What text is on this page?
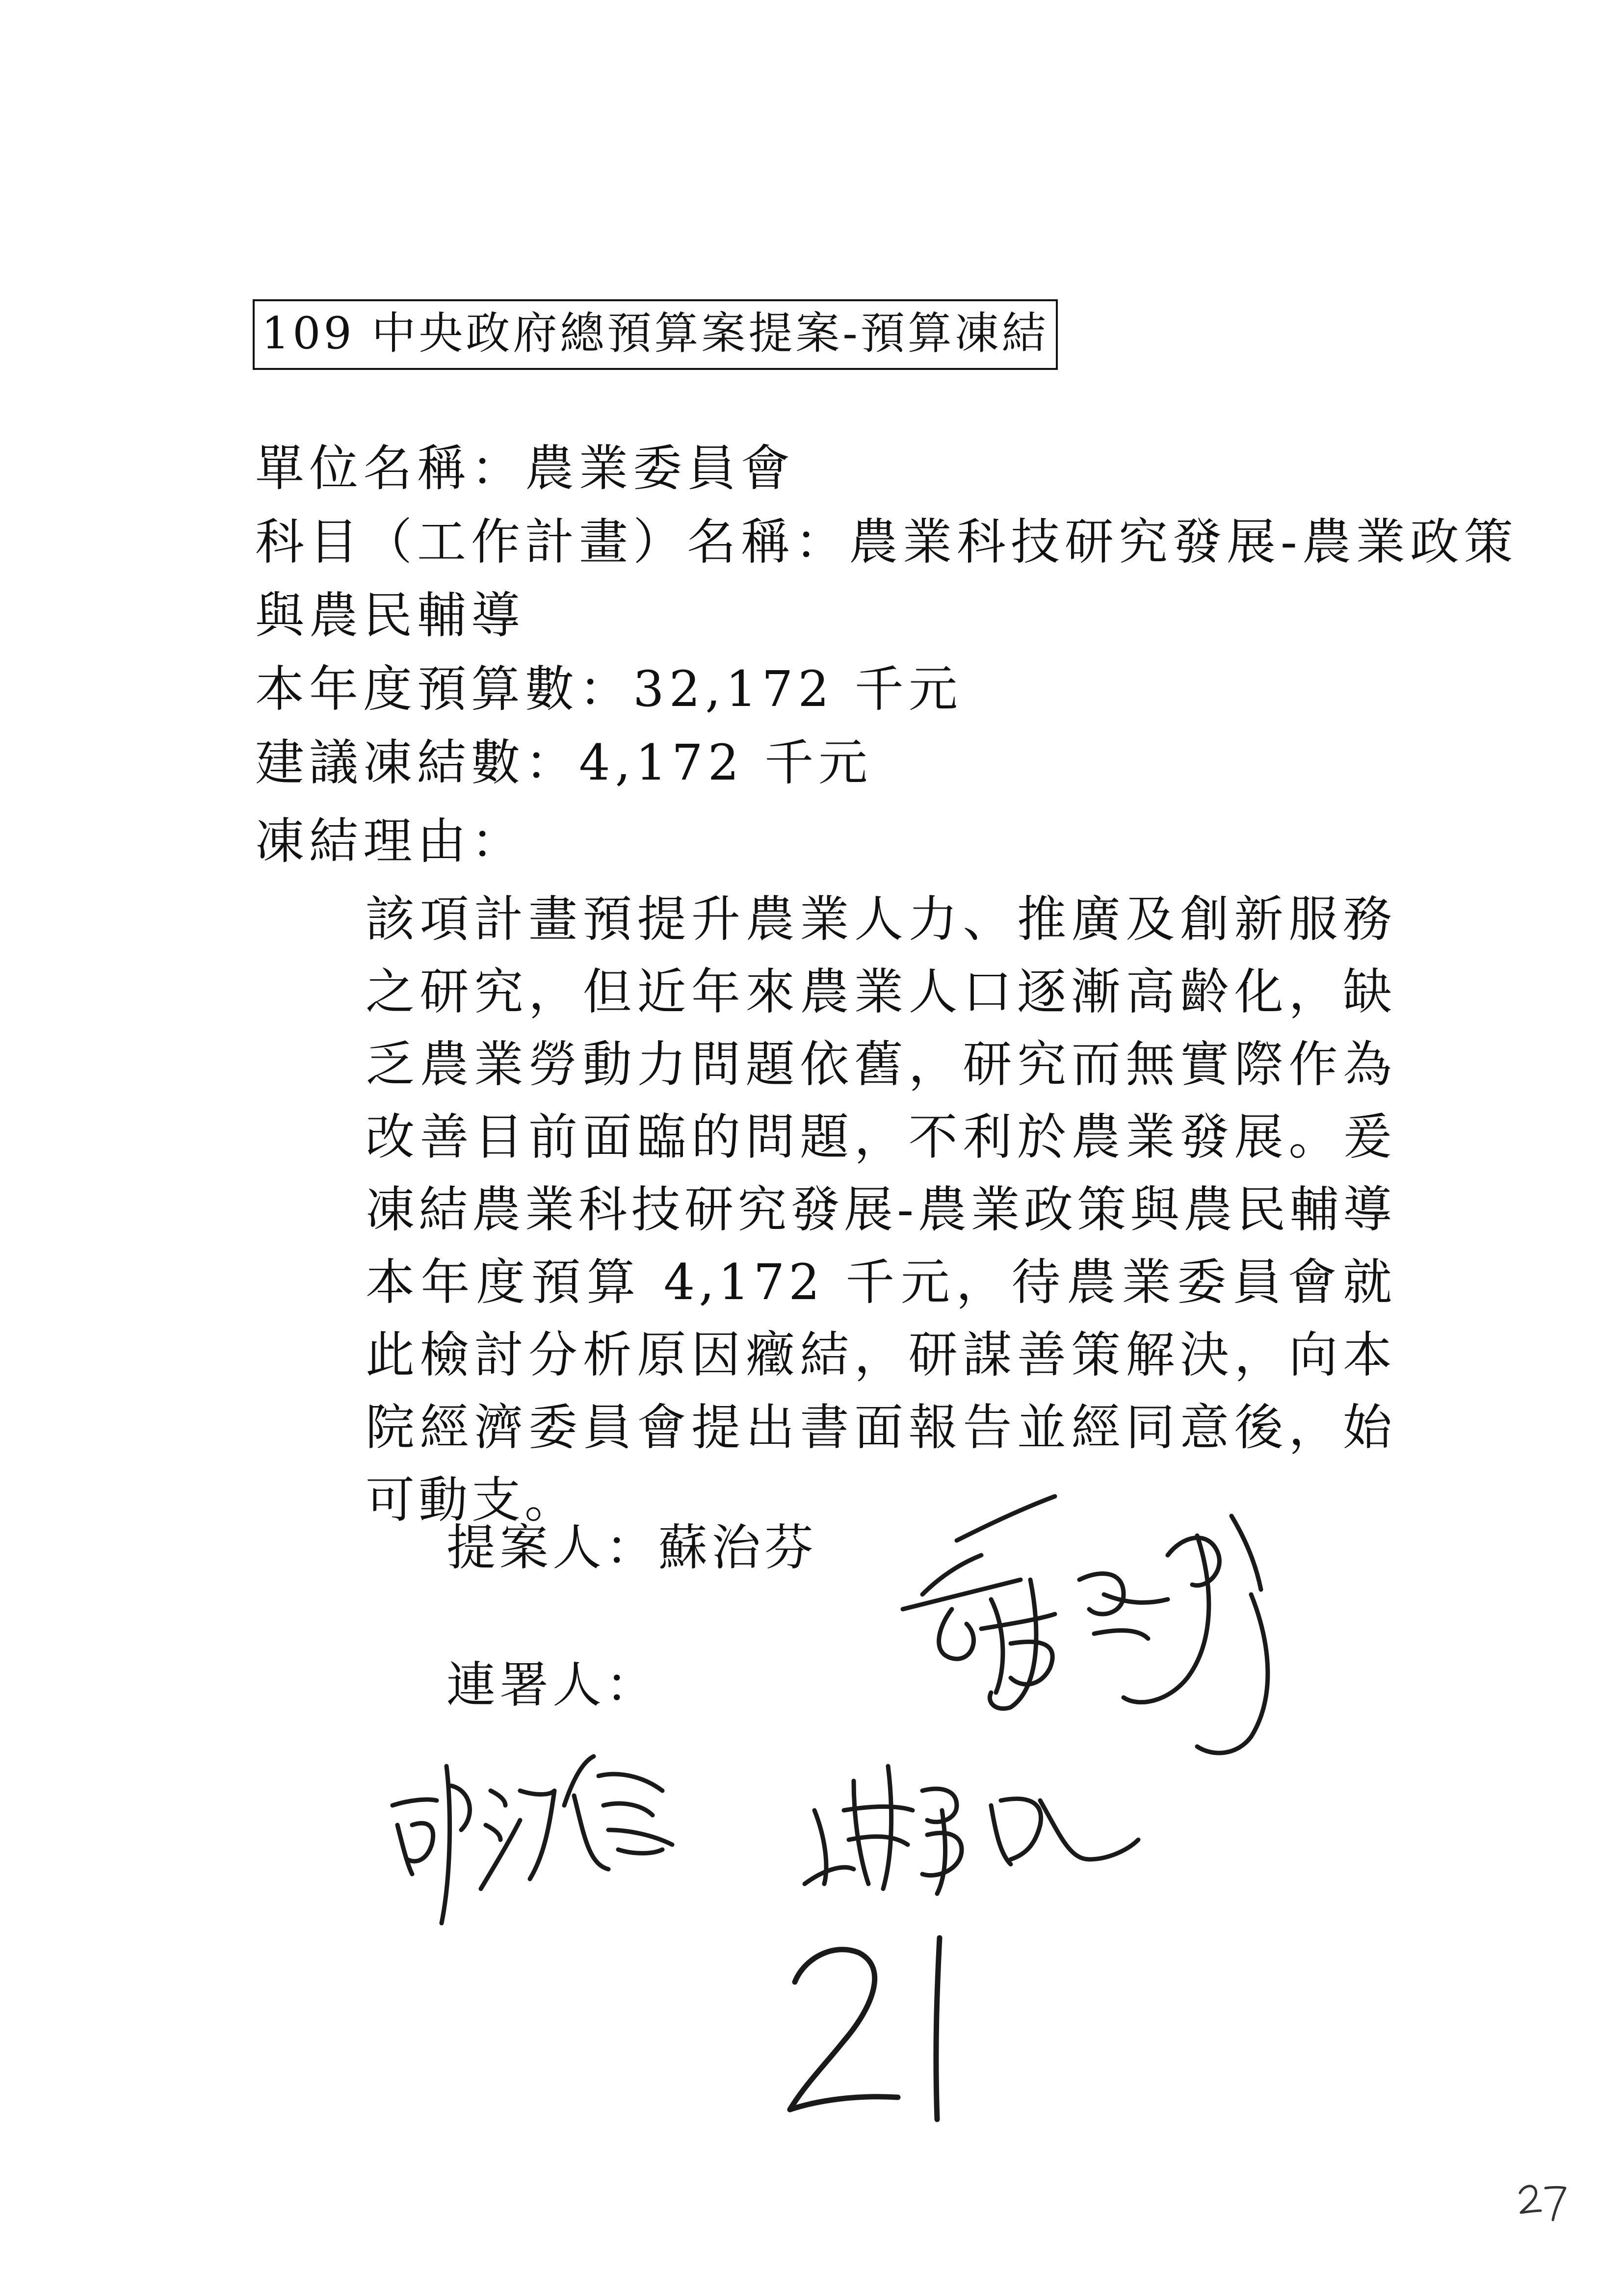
109 中央政府總預算案提案-預算凍結
單位名稱：農業委員會
科目（工作計畫）名稱：農業科技研究發展-農業政策
與農民輔導
本年度預算數：32,172 千元
建議凍結數：4,172 千元
凍結理由：
該項計畫預提升農業人力、推廣及創新服務之研究，但近年來農業人口逐漸高齡化，缺乏農業勞動力問題依舊，研究而無實際作為改善目前面臨的問題，不利於農業發展。爰凍結農業科技研究發展-農業政策與農民輔導本年度預算 4,172 千元，待農業委員會就此檢討分析原因癥結，研謀善策解決，向本院經濟委員會提出書面報告並經同意後，始可動支。
提案人：蘇治芬
連署人：
